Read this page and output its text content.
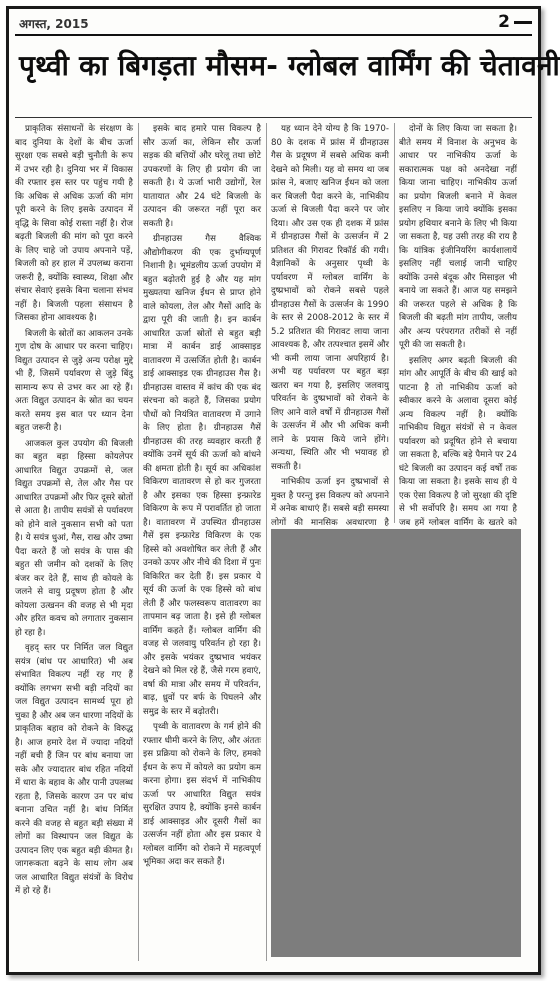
अगस्त, 2015	2
पृथ्वी का बिगड़ता मौसम- ग्लोबल वार्मिंग की चेतावनी

प्राकृतिक संसाधनों के संरक्षण के बाद दुनिया के देशों के बीच ऊर्जा सुरक्षा एक सबसे बड़ी चुनौती के रूप में उभर रही है। दुनिया भर में विकास की रफ्तार इस स्तर पर पहुंच गयी है कि अधिक से अधिक ऊर्जा की मांग पूरी करने के लिए इसके उत्पादन में वृद्धि के सिवा कोई रास्ता नहीं है। रोज बढ़ती बिजली की मांग को पूरा करने के लिए चाहे जो उपाय अपनाने पड़ें, बिजली को हर हाल में उपलब्ध कराना जरूरी है, क्योंकि स्वास्थ्य, शिक्षा और संचार सेवाएं इसके बिना चलाना संभव नहीं है। बिजली पहला संसाधन है जिसका होना आवश्यक है।

बिजली के स्रोतों का आकलन उनके गुण दोष के आधार पर करना चाहिए। विद्युत उत्पादन से जुड़े अन्य परोक्ष मुद्दे भी हैं, जिसमें पर्यावरण से जुड़े बिंदु सामान्य रूप से उभर कर आ रहे हैं। अतः विद्युत उत्पादन के स्रोत का चयन करते समय इस बात पर ध्यान देना बहुत जरूरी है।

आजकल कुल उपयोग की बिजली का बहुत बड़ा हिस्सा कोयलेपर आधारित विद्युत उपक्रमों से, जल विद्युत उपक्रमों से, तेल और गैस पर आधारित उपक्रमों और फिर दूसरे स्रोतों से आता है। तापीय सयंत्रों से पर्यावरण को होने वाले नुकसान सभी को पता है। ये सयंत्र धुआं, गैस, राख और उष्मा पैदा करते हैं जो सयंत्र के पास की बहुत सी जमीन को दशकों के लिए बंजर कर देते हैं, साथ ही कोयले के जलने से वायु प्रदूषण होता है और कोयला उत्खनन की वजह से भी मृदा और हरित कवच को लगातार नुकसान हो रहा है।

वृहद् स्तर पर निर्मित जल विद्युत सयंत्र (बांध पर आधारित) भी अब संभावित विकल्प नहीं रह गए हैं क्योंकि लगभग सभी बड़ी नदियों का जल विद्युत उत्पादन सामर्थ्य पूरा हो चुका है और अब जन धारणा नदियों के प्राकृतिक बहाव को रोकने के विरुद्ध है। आज हमारे देश में ज्यादा नदियों नहीं बची हैं जिन पर बांध बनाया जा सके और ज्यादातर बांध रहित नदियों में धारा के बहाव के और पानी उपलब्ध रहता है, जिसके कारण उन पर बांध बनाना उचित नहीं है। बांध निर्मित करने की वजह से बहुत बड़ी संख्या में लोगों का विस्थापन जल विद्युत के उत्पादन लिए एक बहुत बड़ी कीमत है। जागरूकता बढ़ने के साथ लोग अब जल आधारित विद्युत संयंत्रों के विरोध में हो रहे हैं।

इसके बाद हमारे पास विकल्प है सौर ऊर्जा का, लेकिन सौर ऊर्जा सड़क की बत्तियों और घरेलू तथा छोटे उपकरणों के लिए ही प्रयोग की जा सकती है। ये ऊर्जा भारी उद्योगों, रेल यातायात और 24 घंटे बिजली के उत्पादन की जरूरत नहीं पूरा कर सकती है।

ग्रीनहाउस गैस वैश्विक औद्योगीकरण की एक दुर्भाग्यपूर्ण निशानी है। भूमंडलीय ऊर्जा उपयोग में बहुत बढ़ोतरी हुई है और यह मांग मुख्यतया खनिज ईंधन से प्राप्त होने वाले कोयला, तेल और गैसों आदि के द्वारा पूरी की जाती है। इन कार्बन आधारित ऊर्जा स्रोतों से बहुत बड़ी मात्रा में कार्बन डाई आक्साइड वातावरण में उत्सर्जित होती है। कार्बन डाई आक्साइड एक ग्रीनहाउस गैस है। ग्रीनहाउस वास्तव में कांच की एक बंद संरचना को कहते हैं, जिसका प्रयोग पौधों को नियंत्रित वातावरण में उगाने के लिए होता है। ग्रीनहाउस गैसें ग्रीनहाउस की तरह व्यवहार करती हैं क्योंकि उनमें सूर्य की ऊर्जा को बांधने की क्षमता होती है। सूर्य का अधिकांश विकिरण वातावरण से हो कर गुजरता है और इसका एक हिस्सा इन्फ्रारेड विकिरण के रूप में परावर्तित हो जाता है। वातावरण में उपस्थित ग्रीनहाउस गैसें इस इन्फ्रारेड विकिरण के एक हिस्से को अवशोषित कर लेती हैं और उनको ऊपर और नीचे की दिशा में पुनः विकिरित कर देती हैं। इस प्रकार ये सूर्य की ऊर्जा के एक हिस्से को बांध लेती हैं और फलस्वरूप वातावरण का तापमान बढ़ जाता है। इसे ही ग्लोबल वार्मिंग कहते हैं। ग्लोबल वार्मिंग की वजह से जलवायु परिवर्तन हो रहा है। और इसके भयंकर दुष्प्रभाव भयंकर देखने को मिल रहे हैं, जैसे गरम हवाएं, वर्षा की मात्रा और समय में परिवर्तन, बाढ़, ध्रुवों पर बर्फ के पिघलने और समुद्र के स्तर में बढ़ोतरी।

पृथ्वी के वातावरण के गर्म होने की रफ्तार धीमी करने के लिए, और अंततः इस प्रक्रिया को रोकने के लिए, हमको ईंधन के रूप में कोयले का प्रयोग कम करना होगा। इस संदर्भ में नाभिकीय ऊर्जा पर आधारित विद्युत सयंत्र सुरक्षित उपाय है, क्योंकि इनसे कार्बन डाई आक्साइड और दूसरी गैसों का उत्सर्जन नहीं होता और इस प्रकार ये ग्लोबल वार्मिंग को रोकने में महत्वपूर्ण भूमिका अदा कर सकते हैं।

यह ध्यान देने योग्य है कि 1970-80 के दशक में फ्रांस में ग्रीनहाउस गैस के प्रदूषण में सबसे अधिक कमी देखने को मिली। यह वो समय था जब फ्रांस ने, बजाए खनिज ईंधन को जला कर बिजली पैदा करने के, नाभिकीय ऊर्जा से बिजली पैदा करने पर जोर दिया। और उस एक ही दशक में फ्रांस में ग्रीनहाउस गैसों के उत्सर्जन में 2 प्रतिशत की गिरावट रिकॉर्ड की गयी। वैज्ञानिकों के अनुसार पृथ्वी के पर्यावरण में ग्लोबल वार्मिंग के दुष्प्रभावों को रोकने सबसे पहले ग्रीनहाउस गैसों के उत्सर्जन के 1990 के स्तर से 2008-2012 के स्तर में 5.2 प्रतिशत की गिरावट लाया जाना आवश्यक है, और तत्पश्चात इसमें और भी कमी लाया जाना अपरिहार्य है। अभी यह पर्यावरण पर बहुत बड़ा खतरा बन गया है, इसलिए जलवायु परिवर्तन के दुष्प्रभावों को रोकने के लिए आने वाले वर्षों में ग्रीनहाउस गैसों के उत्सर्जन में और भी अधिक कमी लाने के प्रयास किये जाने होंगे। अन्यथा, स्थिति और भी भयावह हो सकती है।

नाभिकीय ऊर्जा इन दुष्प्रभावों से मुक्त है परन्तु इस विकल्प को अपनाने में अनेक बाधाएं हैं। सबसे बड़ी समस्या लोगों की मानसिक अवधारणा है

दोनों के लिए किया जा सकता है। बीते समय में विनाश के अनुभव के आधार पर नाभिकीय ऊर्जा के सकारात्मक पक्ष को अनदेखा नहीं किया जाना चाहिए। नाभिकीय ऊर्जा का प्रयोग बिजली बनाने में केवल इसलिए न किया जाये क्योंकि इसका प्रयोग हथियार बनाने के लिए भी किया जा सकता है, यह उसी तरह की राय है कि यांत्रिक इंजीनियरिंग कार्यशालायें इसलिए नहीं चलाई जानी चाहिए क्योंकि उनसे बंदूक और मिसाइल भी बनाये जा सकते हैं। आज यह समझने की जरूरत पहले से अधिक है कि बिजली की बढ़ती मांग तापीय, जलीय और अन्य परंपरागत तरीकों से नहीं पूरी की जा सकती है।

इसलिए अगर बढ़ती बिजली की मांग और आपूर्ति के बीच की खाई को पाटना है तो नाभिकीय ऊर्जा को स्वीकार करने के अलावा दूसरा कोई अन्य विकल्प नहीं है। क्योंकि नाभिकीय विद्युत संयंत्रों से न केवल पर्यावरण को प्रदूषित होने से बचाया जा सकता है, बल्कि बड़े पैमाने पर 24 घंटे बिजली का उत्पादन कई वर्षों तक किया जा सकता है। इसके साथ ही ये एक ऐसा विकल्प है जो सुरक्षा की दृष्टि से भी सर्वोपरि है। समय आ गया है जब हमें ग्लोबल वार्मिंग के खतरे को
